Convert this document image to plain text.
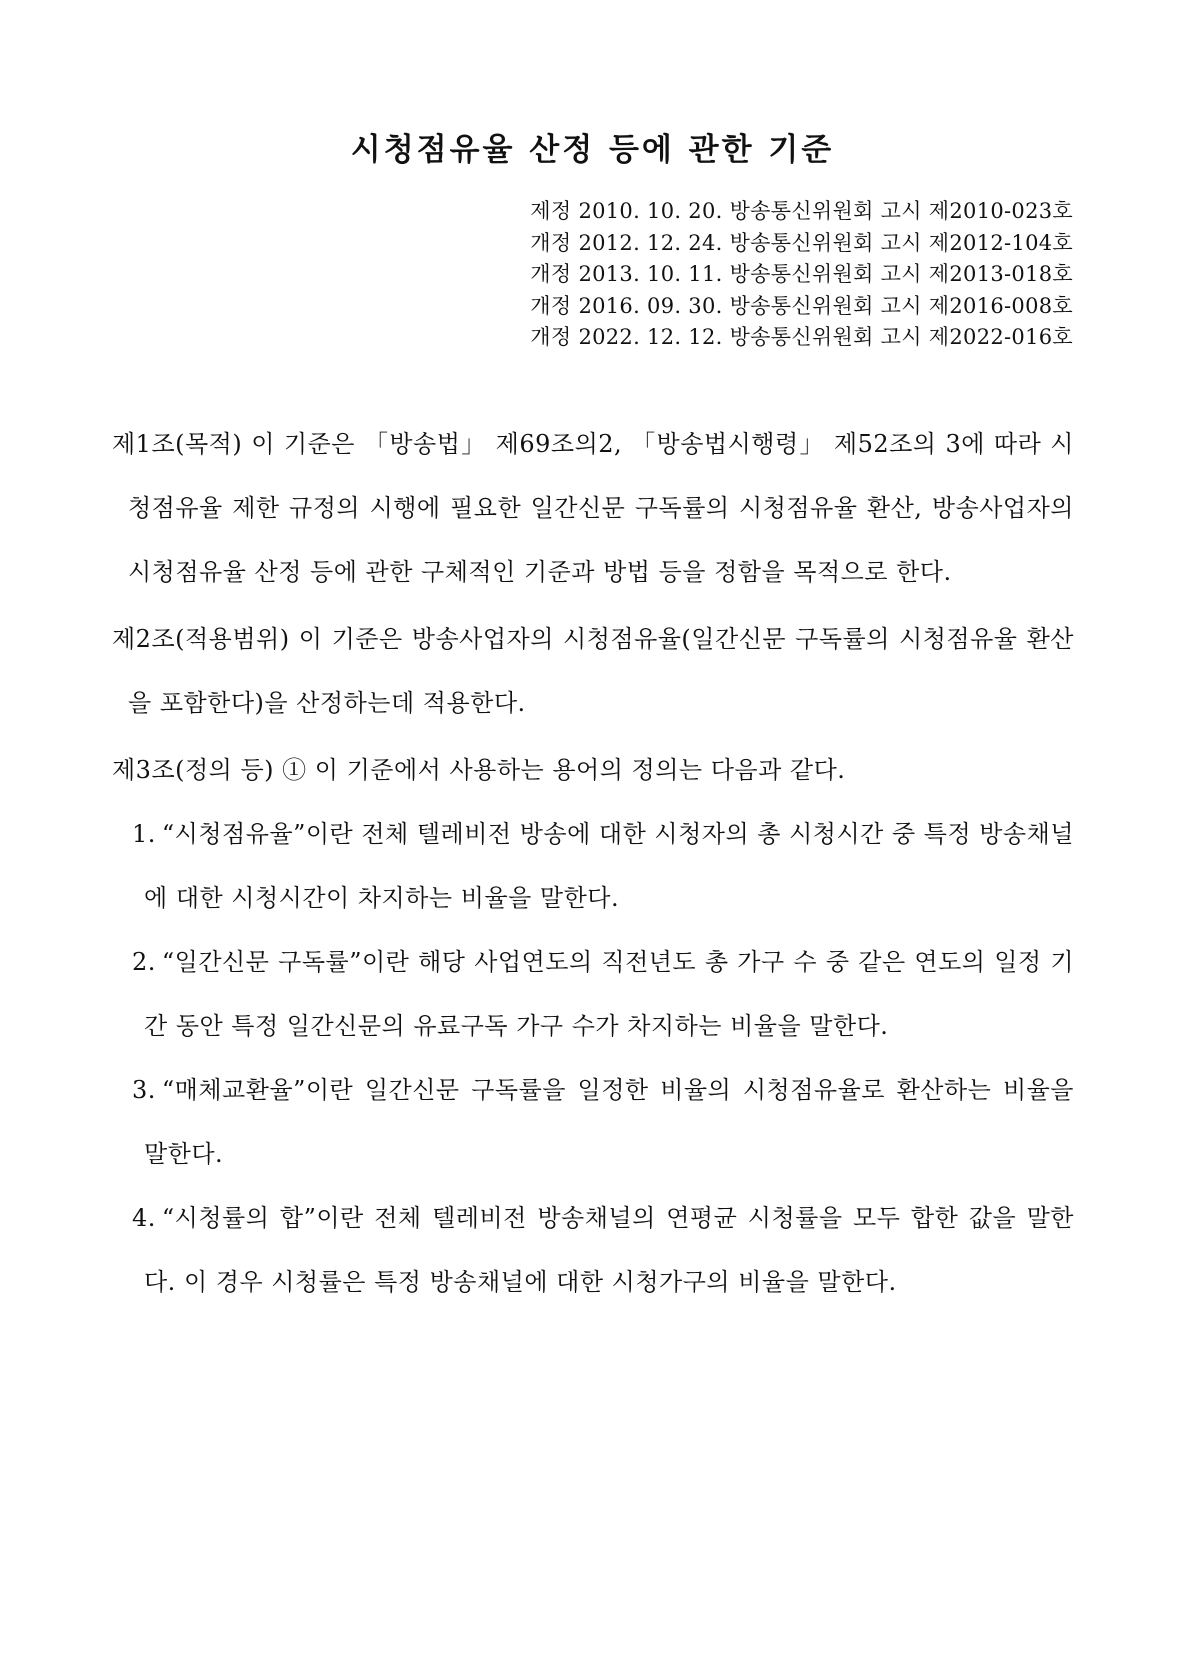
시청점유율 산정 등에 관한 기준
제정 2010. 10. 20. 방송통신위원회 고시 제2010-023호
개정 2012. 12. 24. 방송통신위원회 고시 제2012-104호
개정 2013. 10. 11. 방송통신위원회 고시 제2013-018호
개정 2016. 09. 30. 방송통신위원회 고시 제2016-008호
개정 2022. 12. 12. 방송통신위원회 고시 제2022-016호

제1조(목적) 이 기준은 「방송법」 제69조의2, 「방송법시행령」 제52조의 3에 따라 시청점유율 제한 규정의 시행에 필요한 일간신문 구독률의 시청점유율 환산, 방송사업자의 시청점유율 산정 등에 관한 구체적인 기준과 방법 등을 정함을 목적으로 한다.

제2조(적용범위) 이 기준은 방송사업자의 시청점유율(일간신문 구독률의 시청점유율 환산을 포함한다)을 산정하는데 적용한다.

제3조(정의 등) ① 이 기준에서 사용하는 용어의 정의는 다음과 같다.

1. “시청점유율”이란 전체 텔레비전 방송에 대한 시청자의 총 시청시간 중 특정 방송채널에 대한 시청시간이 차지하는 비율을 말한다.
2. “일간신문 구독률”이란 해당 사업연도의 직전년도 총 가구 수 중 같은 연도의 일정 기간 동안 특정 일간신문의 유료구독 가구 수가 차지하는 비율을 말한다.
3. “매체교환율”이란 일간신문 구독률을 일정한 비율의 시청점유율로 환산하는 비율을 말한다.
4. “시청률의 합”이란 전체 텔레비전 방송채널의 연평균 시청률을 모두 합한 값을 말한다. 이 경우 시청률은 특정 방송채널에 대한 시청가구의 비율을 말한다.
